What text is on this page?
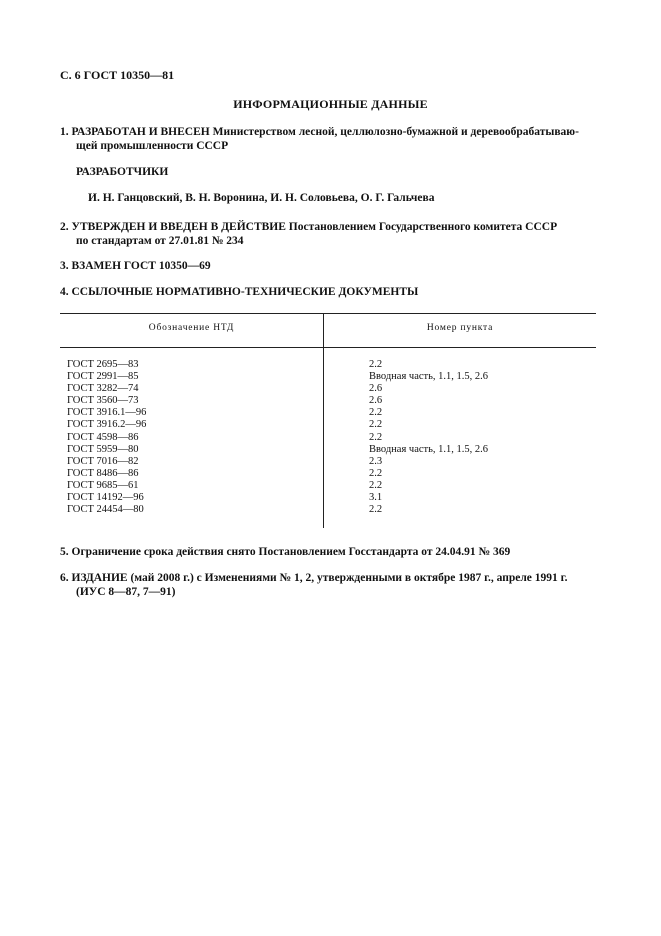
С. 6 ГОСТ 10350—81
ИНФОРМАЦИОННЫЕ ДАННЫЕ
1. РАЗРАБОТАН И ВНЕСЕН Министерством лесной, целлюлозно-бумажной и деревообрабатываю-
щей промышленности СССР
РАЗРАБОТЧИКИ
И. Н. Ганцовский, В. Н. Воронина, И. Н. Соловьева, О. Г. Гальчева
2. УТВЕРЖДЕН И ВВЕДЕН В ДЕЙСТВИЕ Постановлением Государственного комитета СССР
по стандартам от 27.01.81 № 234
3. ВЗАМЕН ГОСТ 10350—69
4. ССЫЛОЧНЫЕ НОРМАТИВНО-ТЕХНИЧЕСКИЕ ДОКУМЕНТЫ
Обозначение НТД	Номер пункта
ГОСТ 2695—83	2.2
ГОСТ 2991—85	Вводная часть, 1.1, 1.5, 2.6
ГОСТ 3282—74	2.6
ГОСТ 3560—73	2.6
ГОСТ 3916.1—96	2.2
ГОСТ 3916.2—96	2.2
ГОСТ 4598—86	2.2
ГОСТ 5959—80	Вводная часть, 1.1, 1.5, 2.6
ГОСТ 7016—82	2.3
ГОСТ 8486—86	2.2
ГОСТ 9685—61	2.2
ГОСТ 14192—96	3.1
ГОСТ 24454—80	2.2
5. Ограничение срока действия снято Постановлением Госстандарта от 24.04.91 № 369
6. ИЗДАНИЕ (май 2008 г.) с Изменениями № 1, 2, утвержденными в октябре 1987 г., апреле 1991 г.
(ИУС 8—87, 7—91)
